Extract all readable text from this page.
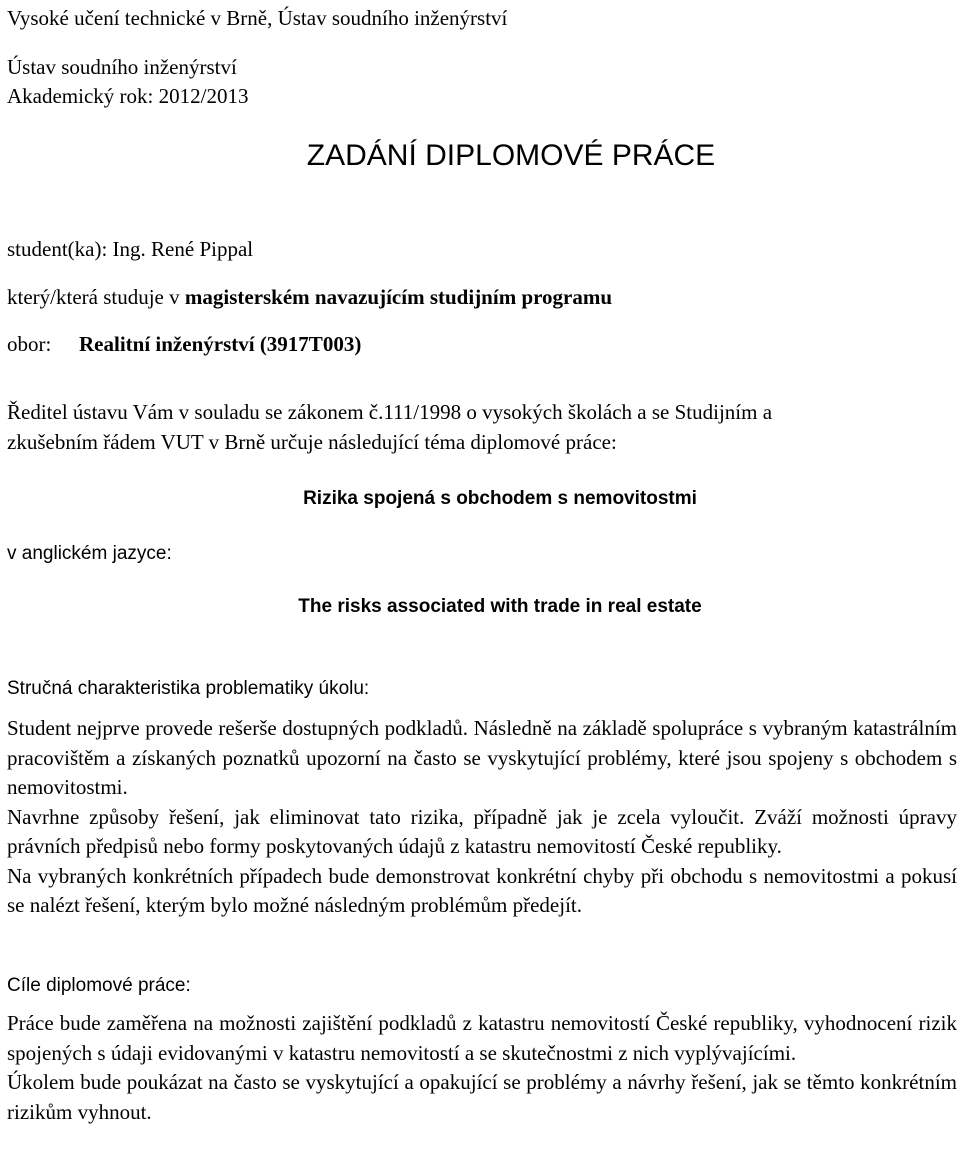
Vysoké učení technické v Brně, Ústav soudního inženýrství
Ústav soudního inženýrství
Akademický rok: 2012/2013
ZADÁNÍ DIPLOMOVÉ PRÁCE
student(ka): Ing. René Pippal
který/která studuje v magisterském navazujícím studijním programu
obor: Realitní inženýrství (3917T003)

Ředitel ústavu Vám v souladu se zákonem č.111/1998 o vysokých školách a se Studijním a

zkušebním řádem VUT v Brně určuje následující téma diplomové práce:

Rizika spojená s obchodem s nemovitostmi
v anglickém jazyce:
The risks associated with trade in real estate
Stručná charakteristika problematiky úkolu:

Student nejprve provede rešerše dostupných podkladů. Následně na základě spolupráce s vybraným katastrálním pracovištěm a získaných poznatků upozorní na často se vyskytující problémy, které jsou spojeny s obchodem s nemovitostmi.

Navrhne způsoby řešení, jak eliminovat tato rizika, případně jak je zcela vyloučit. Zváží možnosti úpravy právních předpisů nebo formy poskytovaných údajů z katastru nemovitostí České republiky.

Na vybraných konkrétních případech bude demonstrovat konkrétní chyby při obchodu s nemovitostmi a pokusí se nalézt řešení, kterým bylo možné následným problémům předejít.

Cíle diplomové práce:

Práce bude zaměřena na možnosti zajištění podkladů z katastru nemovitostí České republiky, vyhodnocení rizik spojených s údaji evidovanými v katastru nemovitostí a se skutečnostmi z nich vyplývajícími.

Úkolem bude poukázat na často se vyskytující a opakující se problémy a návrhy řešení, jak se těmto konkrétním rizikům vyhnout.
